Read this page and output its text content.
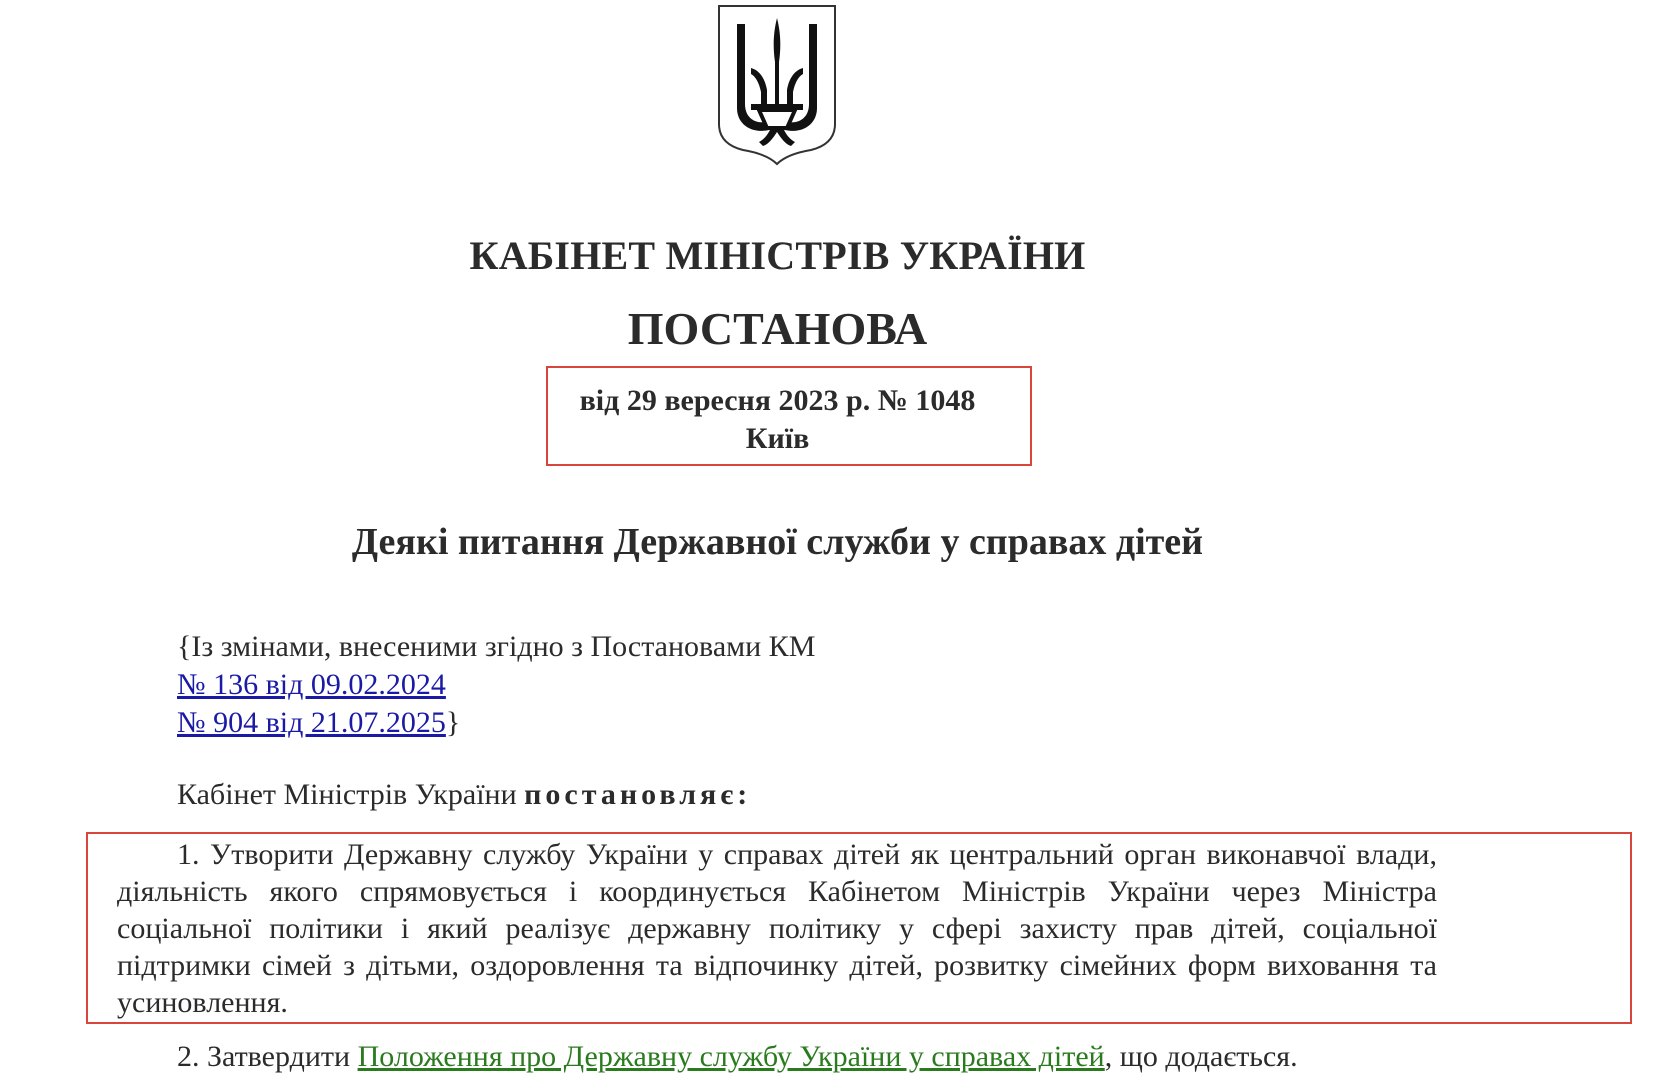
КАБІНЕТ МІНІСТРІВ УКРАЇНИ
ПОСТАНОВА
від 29 вересня 2023 р. № 1048
Київ
Деякі питання Державної служби у справах дітей
{Із змінами, внесеними згідно з Постановами КМ
№ 136 від 09.02.2024
№ 904 від 21.07.2025}
Кабінет Міністрів України постановляє:
1. Утворити Державну службу України у справах дітей як центральний орган виконавчої влади, діяльність якого спрямовується і координується Кабінетом Міністрів України через Міністра соціальної політики і який реалізує державну політику у сфері захисту прав дітей, соціальної підтримки сімей з дітьми, оздоровлення та відпочинку дітей, розвитку сімейних форм виховання та усиновлення.
2. Затвердити Положення про Державну службу України у справах дітей, що додається.
